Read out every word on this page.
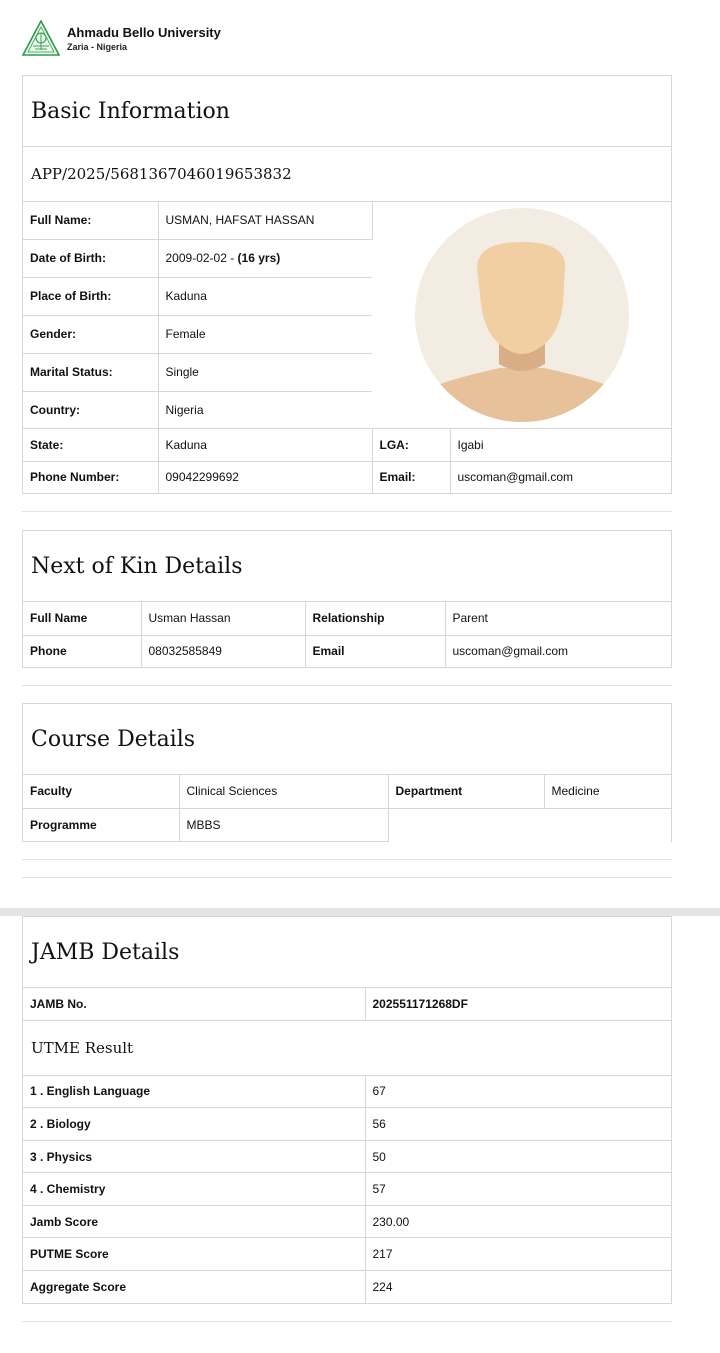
Ahmadu Bello University
Zaria - Nigeria
Basic Information
APP/2025/5681367046019653832
Full Name:	USMAN, HAFSAT HASSAN	

Date of Birth:	2009-02-02 - (16 yrs)		
Place of Birth:	Kaduna		
Gender:	Female		
Marital Status:	Single		
Country:	Nigeria		
State:	Kaduna	LGA:	Igabi
Phone Number:	09042299692	Email:	uscoman@gmail.com
Next of Kin Details
Full Name	Usman Hassan	Relationship	Parent
Phone	08032585849	Email	uscoman@gmail.com
Course Details
Faculty	Clinical Sciences	Department	Medicine
Programme	MBBS		
JAMB Details
JAMB No.	202551171268DF
UTME Result
1 . English Language	67
2 . Biology	56
3 . Physics	50
4 . Chemistry	57
Jamb Score	230.00
PUTME Score	217
Aggregate Score	224
